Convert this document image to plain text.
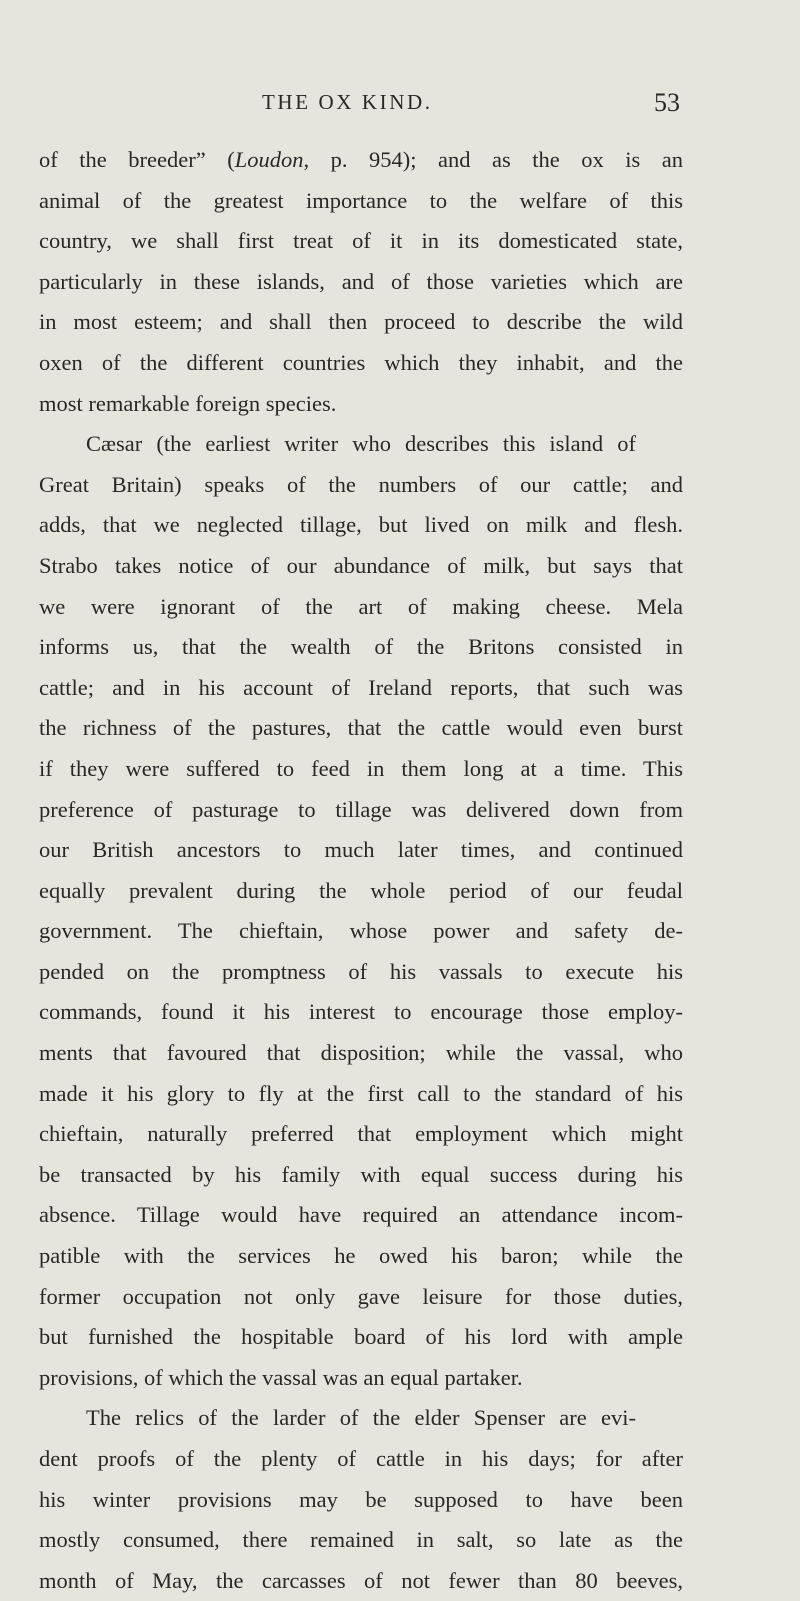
THE OX KIND.	53
of the breeder” (Loudon, p. 954); and as the ox is an
animal of the greatest importance to the welfare of this
country, we shall first treat of it in its domesticated state,
particularly in these islands, and of those varieties which are
in most esteem; and shall then proceed to describe the wild
oxen of the different countries which they inhabit, and the
most remarkable foreign species.
Cæsar (the earliest writer who describes this island of
Great Britain) speaks of the numbers of our cattle; and
adds, that we neglected tillage, but lived on milk and flesh.
Strabo takes notice of our abundance of milk, but says that
we were ignorant of the art of making cheese. Mela
informs us, that the wealth of the Britons consisted in
cattle; and in his account of Ireland reports, that such was
the richness of the pastures, that the cattle would even burst
if they were suffered to feed in them long at a time. This
preference of pasturage to tillage was delivered down from
our British ancestors to much later times, and continued
equally prevalent during the whole period of our feudal
government. The chieftain, whose power and safety de-
pended on the promptness of his vassals to execute his
commands, found it his interest to encourage those employ-
ments that favoured that disposition; while the vassal, who
made it his glory to fly at the first call to the standard of his
chieftain, naturally preferred that employment which might
be transacted by his family with equal success during his
absence. Tillage would have required an attendance incom-
patible with the services he owed his baron; while the
former occupation not only gave leisure for those duties,
but furnished the hospitable board of his lord with ample
provisions, of which the vassal was an equal partaker.
The relics of the larder of the elder Spenser are evi-
dent proofs of the plenty of cattle in his days; for after
his winter provisions may be supposed to have been
mostly consumed, there remained in salt, so late as the
month of May, the carcasses of not fewer than 80 beeves,
